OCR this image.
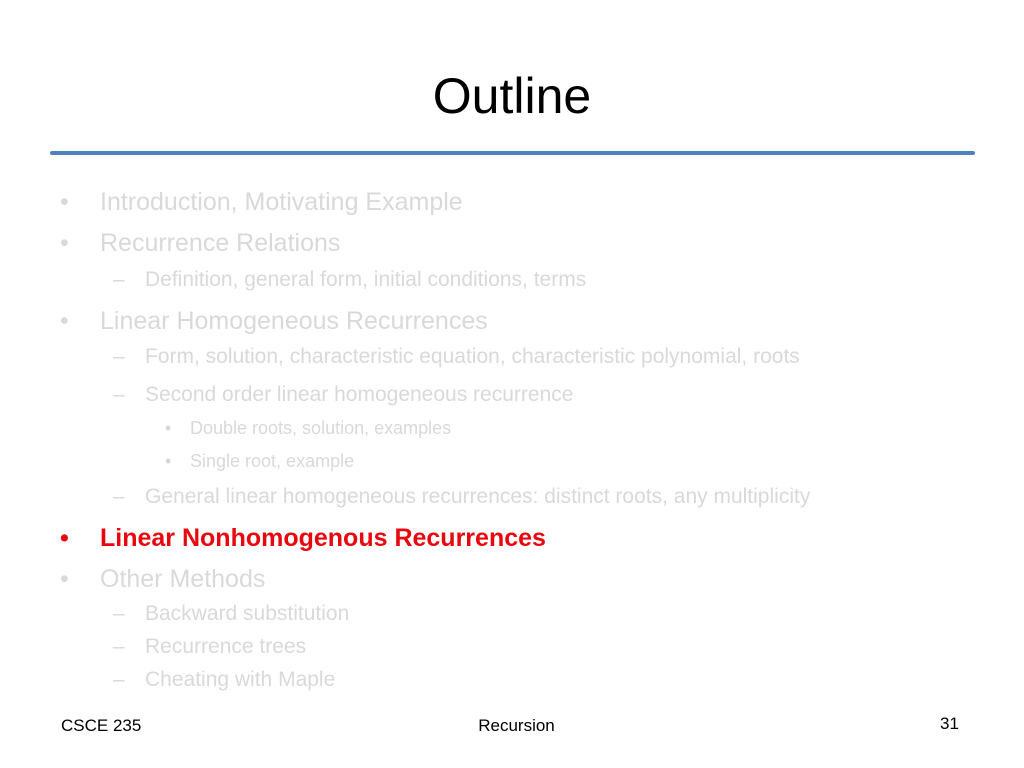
Outline
• Introduction, Motivating Example
• Recurrence Relations
– Definition, general form, initial conditions, terms
• Linear Homogeneous Recurrences
– Form, solution, characteristic equation, characteristic polynomial, roots
– Second order linear homogeneous recurrence
• Double roots, solution, examples
• Single root, example
– General linear homogeneous recurrences: distinct roots, any multiplicity
• Linear Nonhomogenous Recurrences
• Other Methods
– Backward substitution
– Recurrence trees
– Cheating with Maple
CSCE 235	Recursion	31
